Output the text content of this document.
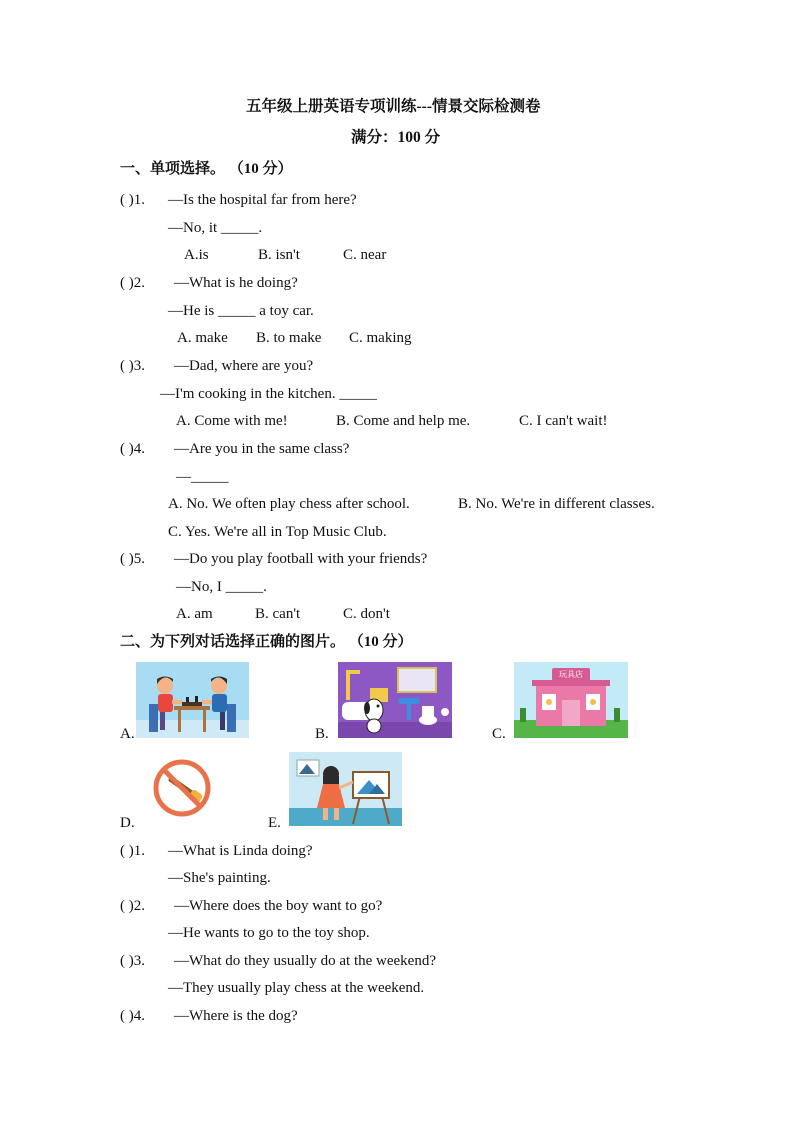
五年级上册英语专项训练---情景交际检测卷
满分：100 分
一、单项选择。 （10 分）
( )1. —Is the hospital far from here?
—No, it _____.
A.is	B. isn't	C. near
( )2. —What is he doing?
—He is _____ a toy car.
A. make B. to make C. making
( )3. —Dad, where are you?
—I'm cooking in the kitchen. _____
A. Come with me!	B. Come and help me.	C. I can't wait!
( )4. —Are you in the same class?
—_____
A. No. We often play chess after school.	B. No. We're in different classes.
C. Yes. We're all in Top Music Club.
( )5. —Do you play football with your friends?
—No, I _____.
A. am	B. can't	C. don't
二、为下列对话选择正确的图片。 （10 分）
A.	B.	C.
D.	E.
玩具店
( )1. —What is Linda doing?
—She's painting.
( )2. —Where does the boy want to go?
—He wants to go to the toy shop.
( )3. —What do they usually do at the weekend?
—They usually play chess at the weekend.
( )4. —Where is the dog?
